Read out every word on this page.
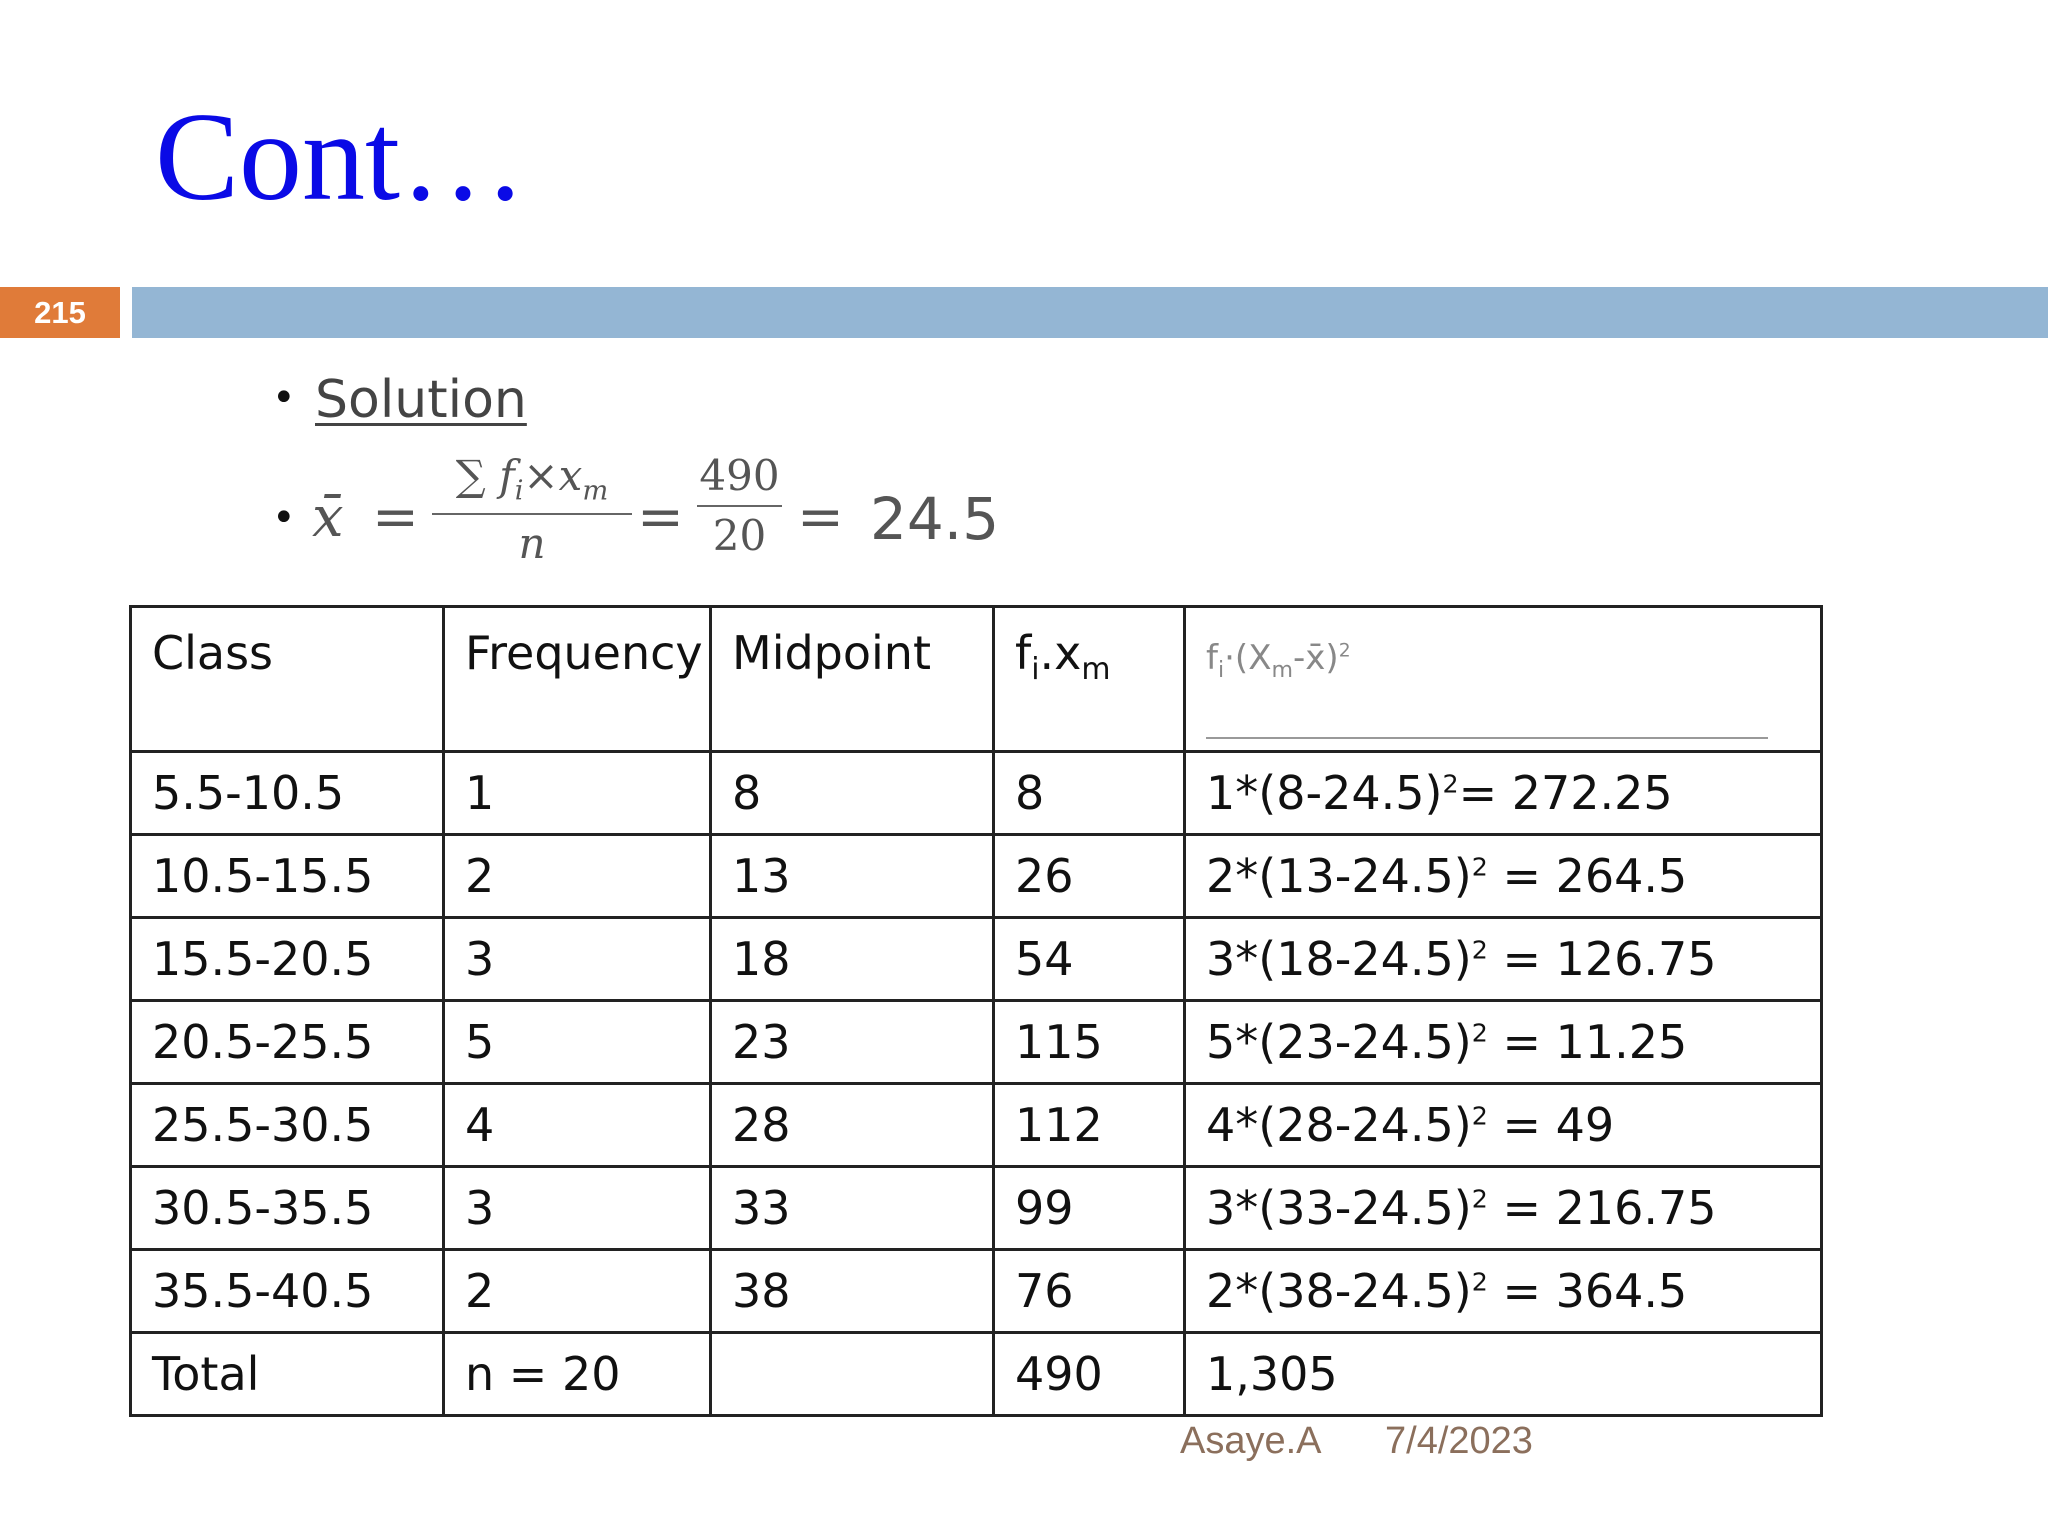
Cont…
215
• Solution
• x̄ =
∑ $f_i\times x_m$
n	=
490
20 = 24.5
Class	Frequency	Midpoint	$f_i.x_m$	$f_i\cdot(X_m-x̄)^2$
5.5-10.5	1	8	8	$1*(8-24.5)^2= 272.25$
10.5-15.5	2	13	26	$2*(13-24.5)^2 = 264.5$
15.5-20.5	3	18	54	$3*(18-24.5)^2 = 126.75$
20.5-25.5	5	23	115	$5*(23-24.5)^2 = 11.25$
25.5-30.5	4	28	112	$4*(28-24.5)^2 = 49$
30.5-35.5	3	33	99	$3*(33-24.5)^2 = 216.75$
35.5-40.5	2	38	76	$2*(38-24.5)^2 = 364.5$
Total	n = 20		490	1,305
Asaye.A 7/4/2023
